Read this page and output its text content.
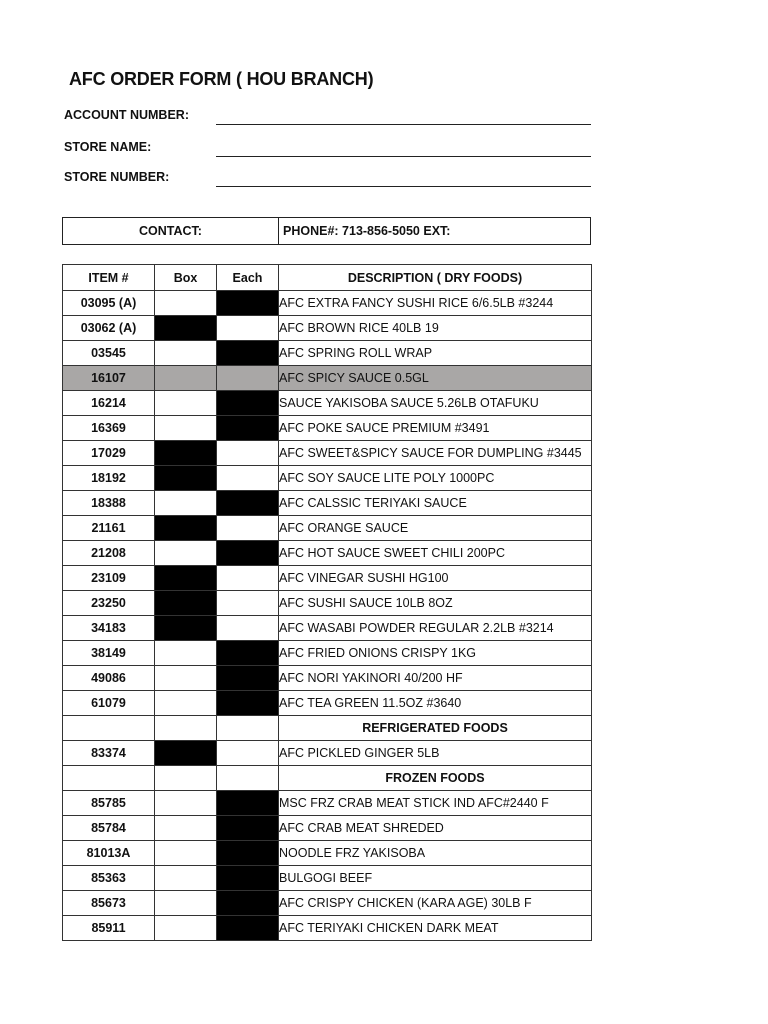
AFC ORDER FORM ( HOU BRANCH)
ACCOUNT NUMBER:
STORE NAME:
STORE NUMBER:
CONTACT:	PHONE#: 713-856-5050 EXT:
ITEM #	Box	Each	DESCRIPTION ( DRY FOODS)
03095 (A)			AFC EXTRA FANCY SUSHI RICE 6/6.5LB #3244
03062 (A)			AFC BROWN RICE 40LB 19
03545			AFC SPRING ROLL WRAP
16107			AFC SPICY SAUCE 0.5GL
16214			SAUCE YAKISOBA SAUCE 5.26LB OTAFUKU
16369			AFC POKE SAUCE PREMIUM #3491
17029			AFC SWEET&SPICY SAUCE FOR DUMPLING #3445
18192			AFC SOY SAUCE LITE POLY 1000PC
18388			AFC CALSSIC TERIYAKI SAUCE
21161			AFC ORANGE SAUCE
21208			AFC HOT SAUCE SWEET CHILI 200PC
23109			AFC VINEGAR SUSHI HG100
23250			AFC SUSHI SAUCE 10LB 8OZ
34183			AFC WASABI POWDER REGULAR 2.2LB #3214
38149			AFC FRIED ONIONS CRISPY 1KG
49086			AFC NORI YAKINORI 40/200 HF
61079			AFC TEA GREEN 11.5OZ #3640
			REFRIGERATED FOODS
83374			AFC PICKLED GINGER 5LB
			FROZEN FOODS
85785			MSC FRZ CRAB MEAT STICK IND AFC#2440 F
85784			AFC CRAB MEAT SHREDED
81013A			NOODLE FRZ YAKISOBA
85363			BULGOGI BEEF
85673			AFC CRISPY CHICKEN (KARA AGE) 30LB F
85911			AFC TERIYAKI CHICKEN DARK MEAT
